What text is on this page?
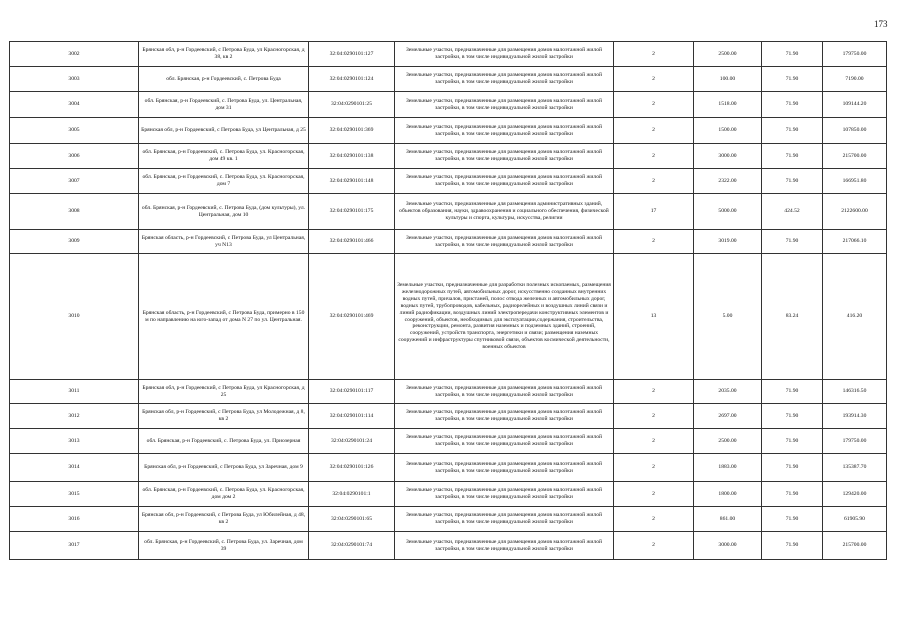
173
3002	Брянская обл, р-н Гордеевский, с Петрова Буда, ул Красногорская, д 38, кв 2	32:04:0290101:127	Земельные участки, предназначенные для размещения домов малоэтажной жилой застройки, в том числе индивидуальной жилой застройки	2	2500.00	71.90	179750.00
3003	обл. Брянская, р-н Гордеевский, с. Петрова Буда	32:04:0290101:124	Земельные участки, предназначенные для размещения домов малоэтажной жилой застройки, в том числе индивидуальной жилой застройки	2	100.00	71.90	7190.00
3004	обл. Брянская, р-н Гордеевский, с. Петрова Буда, ул. Центральная, дом 31	32:04:0290101:25	Земельные участки, предназначенные для размещения домов малоэтажной жилой застройки, в том числе индивидуальной жилой застройки	2	1518.00	71.90	109144.20
3005	Брянская обл, р-н Гордеевский, с Петрова Буда, ул Центральная, д 25	32:04:0290101:369	Земельные участки, предназначенные для размещения домов малоэтажной жилой застройки, в том числе индивидуальной жилой застройки	2	1500.00	71.90	107850.00
3006	обл. Брянская, р-н Гордеевский, с. Петрова Буда, ул. Красногорская, дом 49 кв. 1	32:04:0290101:138	Земельные участки, предназначенные для размещения домов малоэтажной жилой застройки, в том числе индивидуальной жилой застройки	2	3000.00	71.90	215700.00
3007	обл. Брянская, р-н Гордеевский, с. Петрова Буда, ул. Красногорская, дом 7	32:04:0290101:148	Земельные участки, предназначенные для размещения домов малоэтажной жилой застройки, в том числе индивидуальной жилой застройки	2	2322.00	71.90	166951.80
3008	обл. Брянская, р-н Гордеевский, с. Петрова Буда, (дом культуры), ул. Центральная, дом 10	32:04:0290101:175	Земельные участки, предназначенные для размещения административных зданий, объектов образования, науки, здравоохранения и социального обеспечения, физической культуры и спорта, культуры, искусства, религии	17	5000.00	424.52	2122600.00
3009	Брянская область, р-н Гордеевский, с Петрова Буда, ул Центральная, уч N13	32:04:0290101:466	Земельные участки, предназначенные для размещения домов малоэтажной жилой застройки, в том числе индивидуальной жилой застройки	2	3019.00	71.90	217066.10
3010	Брянская область, р-н Гордеевский, с Петрова Буда, примерно в 150 м по направлению на юго-запад от дома N 27 по ул. Центральная.	32:04:0290101:469	Земельные участки, предназначенные для разработки полезных ископаемых, размещения железнодорожных путей, автомобильных дорог, искусственно созданных внутренних водных путей, причалов, пристаней, полос отвода железных и автомобильных дорог, водных путей, трубопроводов, кабельных, радиорелейных и воздушных линий связи и линий радиофикации, воздушных линий электропередачи конструктивных элементов и сооружений, объектов, необходимых для эксплуатации,содержания, строительства, реконструкции, ремонта, развития наземных и подземных зданий, строений, сооружений, устройств транспорта, энергетики и связи; размещения наземных сооружений и инфраструктуры спутниковой связи, объектов космической деятельности, военных объектов	13	5.00	83.24	416.20
3011	Брянская обл, р-н Гордеевский, с Петрова Буда, ул Красногорская, д 25	32:04:0290101:117	Земельные участки, предназначенные для размещения домов малоэтажной жилой застройки, в том числе индивидуальной жилой застройки	2	2035.00	71.90	146316.50
3012	Брянская обл, р-н Гордеевский, с Петрова Буда, ул Молодежная, д 8, кв 2	32:04:0290101:114	Земельные участки, предназначенные для размещения домов малоэтажной жилой застройки, в том числе индивидуальной жилой застройки	2	2697.00	71.90	193914.30
3013	обл. Брянская, р-н Гордеевский, с. Петрова Буда, ул. Приозерная	32:04:0290101:24	Земельные участки, предназначенные для размещения домов малоэтажной жилой застройки, в том числе индивидуальной жилой застройки	2	2500.00	71.90	179750.00
3014	Брянская обл, р-н Гордеевский, с Петрова Буда, ул Заречная, дом 9	32:04:0290101:126	Земельные участки, предназначенные для размещения домов малоэтажной жилой застройки, в том числе индивидуальной жилой застройки	2	1883.00	71.90	135387.70
3015	обл. Брянская, р-н Гордеевский, с. Петрова Буда, ул. Красногорская, дом дом 2	32:04:0290101:1	Земельные участки, предназначенные для размещения домов малоэтажной жилой застройки, в том числе индивидуальной жилой застройки	2	1800.00	71.90	129420.00
3016	Брянская обл, р-н Гордеевский, с Петрова Буда, ул Юбилейная, д 48, кв 2	32:04:0290101:65	Земельные участки, предназначенные для размещения домов малоэтажной жилой застройки, в том числе индивидуальной жилой застройки	2	861.00	71.90	61905.90
3017	обл. Брянская, р-н Гордеевский, с. Петрова Буда, ул. Заречная, дом 39	32:04:0290101:74	Земельные участки, предназначенные для размещения домов малоэтажной жилой застройки, в том числе индивидуальной жилой застройки	2	3000.00	71.90	215700.00
